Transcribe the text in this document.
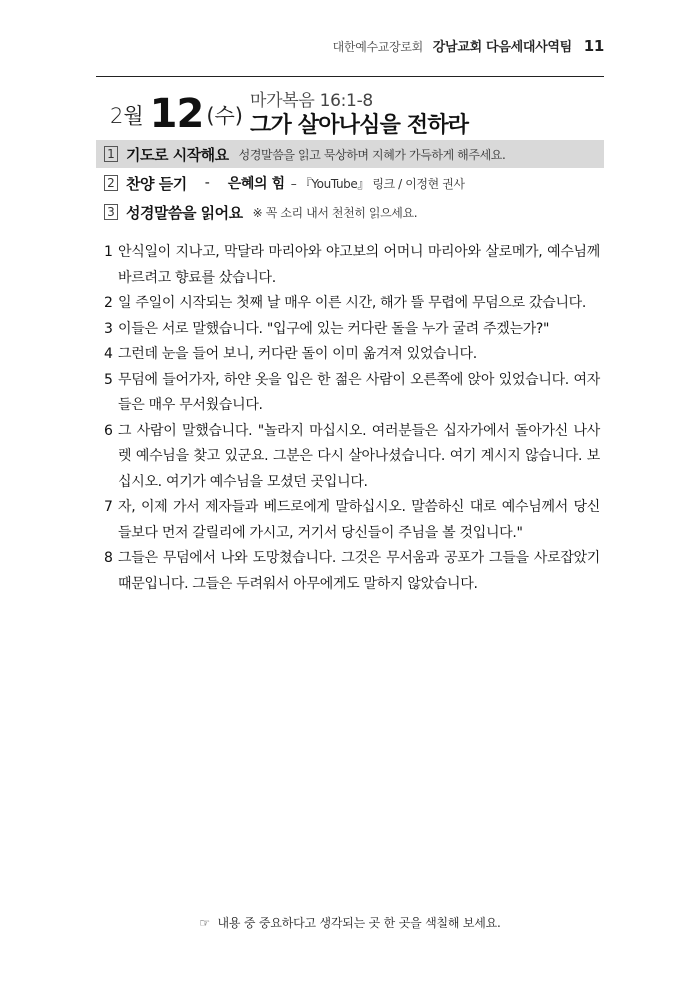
대한예수교장로회 강남교회 다음세대사역팀 11
2월 12 (수)
마가복음 16:1-8
그가 살아나심을 전하라
1 기도로 시작해요 성경말씀을 읽고 묵상하며 지혜가 가득하게 해주세요.
2 찬양 듣기 - 은혜의 힘 – 『YouTube』 링크 / 이정현 권사
3 성경말씀을 읽어요 ※ 꼭 소리 내서 천천히 읽으세요.
1 안식일이 지나고, 막달라 마리아와 야고보의 어머니 마리아와 살로메가, 예수님께 바르려고 향료를 샀습니다.
2 일 주일이 시작되는 첫째 날 매우 이른 시간, 해가 뜰 무렵에 무덤으로 갔습니다.
3 이들은 서로 말했습니다. "입구에 있는 커다란 돌을 누가 굴려 주겠는가?"
4 그런데 눈을 들어 보니, 커다란 돌이 이미 옮겨져 있었습니다.
5 무덤에 들어가자, 하얀 옷을 입은 한 젊은 사람이 오른쪽에 앉아 있었습니다. 여자들은 매우 무서웠습니다.
6 그 사람이 말했습니다. "놀라지 마십시오. 여러분들은 십자가에서 돌아가신 나사렛 예수님을 찾고 있군요. 그분은 다시 살아나셨습니다. 여기 계시지 않습니다. 보십시오. 여기가 예수님을 모셨던 곳입니다.
7 자, 이제 가서 제자들과 베드로에게 말하십시오. 말씀하신 대로 예수님께서 당신들보다 먼저 갈릴리에 가시고, 거기서 당신들이 주님을 볼 것입니다."
8 그들은 무덤에서 나와 도망쳤습니다. 그것은 무서움과 공포가 그들을 사로잡았기 때문입니다. 그들은 두려워서 아무에게도 말하지 않았습니다.
☞ 내용 중 중요하다고 생각되는 곳 한 곳을 색칠해 보세요.
